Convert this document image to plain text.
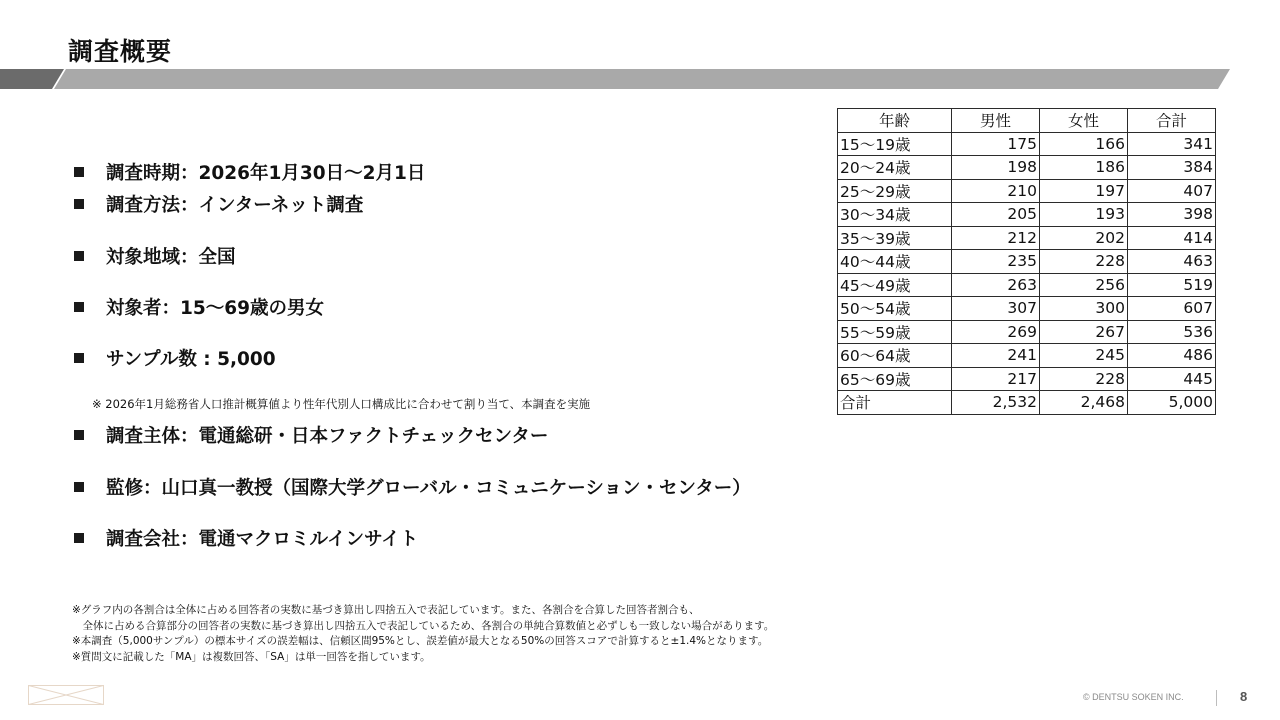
調査概要
調査時期：2026年1月30日～2月1日
調査方法：インターネット調査
対象地域：全国
対象者：15～69歳の男女
サンプル数 : 5,000
※ 2026年1月総務省人口推計概算値より性年代別人口構成比に合わせて割り当て、本調査を実施
調査主体：電通総研・日本ファクトチェックセンター
監修：山口真一教授（国際大学グローバル・コミュニケーション・センター）
調査会社：電通マクロミルインサイト
年齢	男性	女性	合計
15～19歳	175	166	341
20～24歳	198	186	384
25～29歳	210	197	407
30～34歳	205	193	398
35～39歳	212	202	414
40～44歳	235	228	463
45～49歳	263	256	519
50～54歳	307	300	607
55～59歳	269	267	536
60～64歳	241	245	486
65～69歳	217	228	445
合計	2,532	2,468	5,000
※グラフ内の各割合は全体に占める回答者の実数に基づき算出し四捨五入で表記しています。また、各割合を合算した回答者割合も、
　全体に占める合算部分の回答者の実数に基づき算出し四捨五入で表記しているため、各割合の単純合算数値と必ずしも一致しない場合があります。
※本調査（5,000サンプル）の標本サイズの誤差幅は、信頼区間95%とし、誤差値が最大となる50%の回答スコアで計算すると±1.4%となります。
※質問文に記載した「MA」は複数回答、「SA」は単一回答を指しています。
© DENTSU SOKEN INC.	8
